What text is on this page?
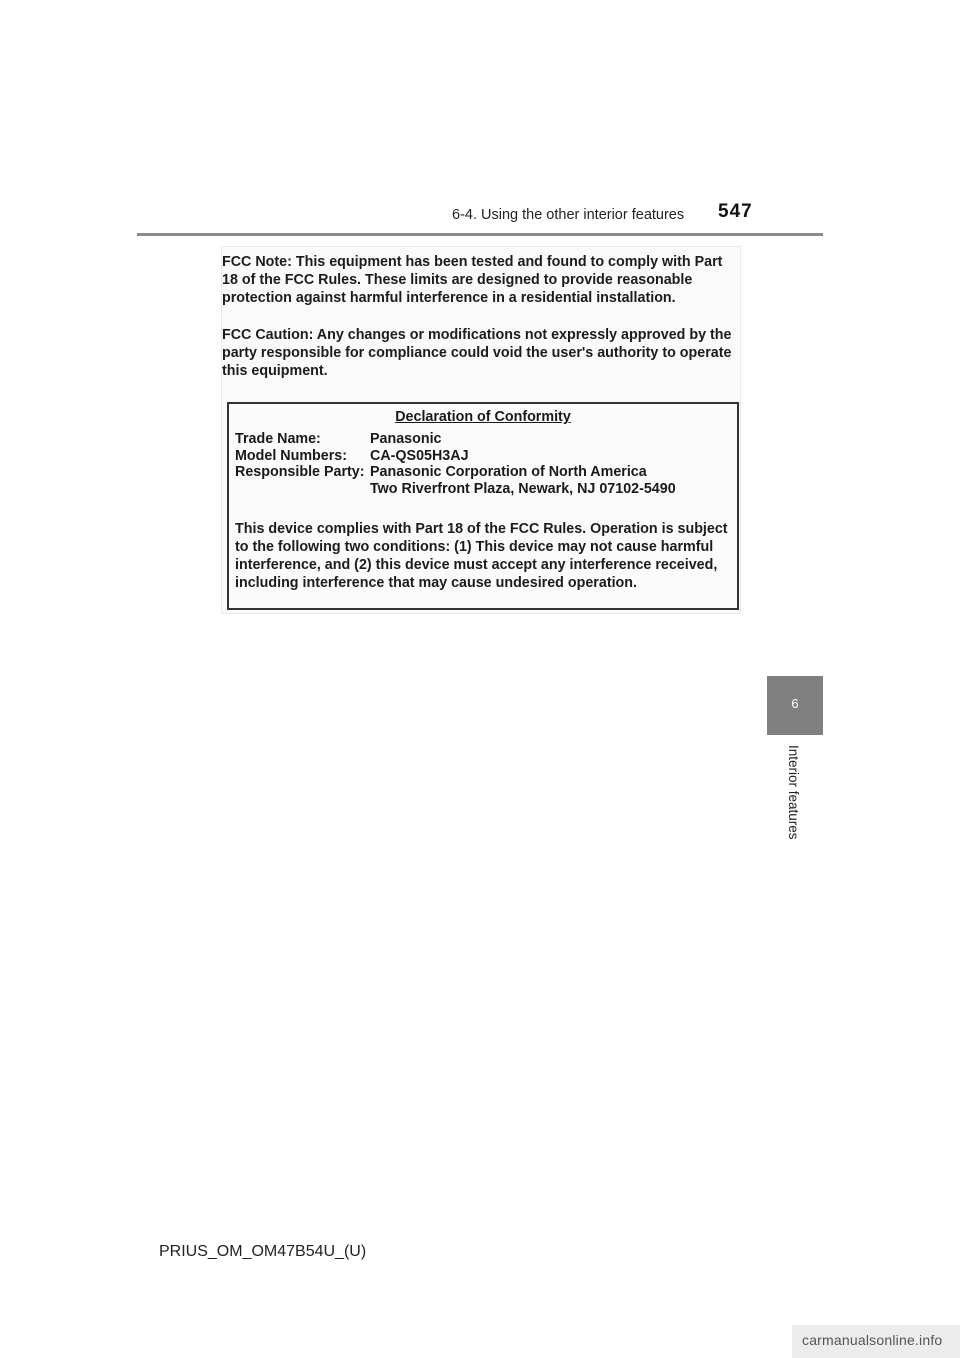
6-4. Using the other interior features 547
6
Interior features

FCC Note: This equipment has been tested and found to comply with Part 18 of the FCC Rules. These limits are designed to provide reasonable protection against harmful interference in a residential installation.

FCC Caution: Any changes or modifications not expressly approved by the party responsible for compliance could void the user's authority to operate this equipment.

Declaration of Conformity
Trade Name:	Panasonic
Model Numbers:	CA-QS05H3AJ
Responsible Party: Panasonic Corporation of North America
Two Riverfront Plaza, Newark, NJ 07102-5490

This device complies with Part 18 of the FCC Rules. Operation is subject to the following two conditions: (1) This device may not cause harmful interference, and (2) this device must accept any interference received, including interference that may cause undesired operation.

PRIUS_OM_OM47B54U_(U)
carmanualsonline.info
